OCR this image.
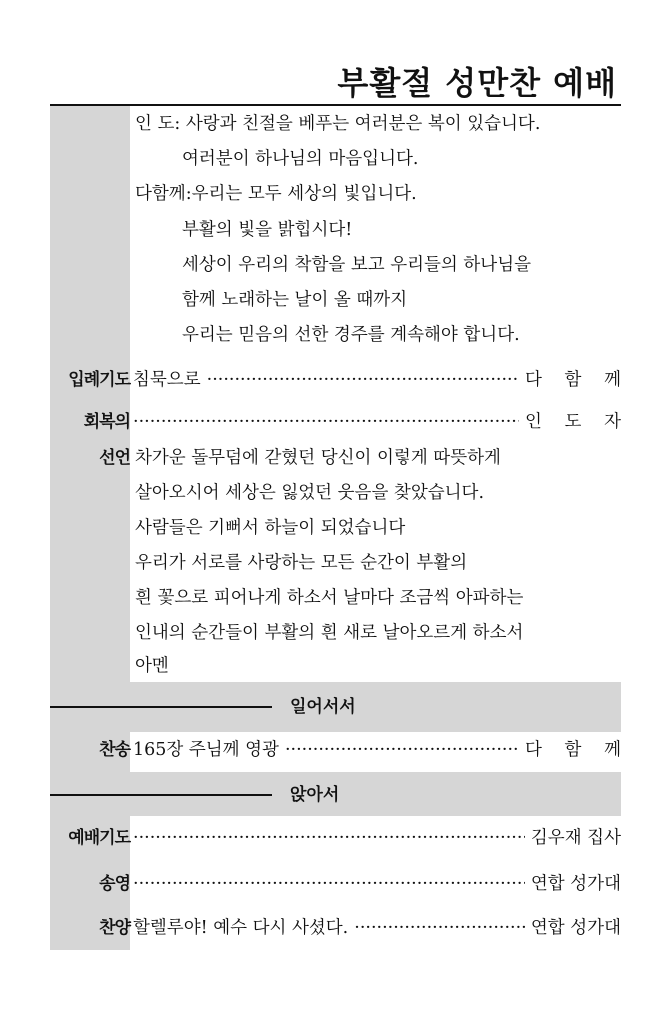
부활절 성만찬 예배
인 도: 사랑과 친절을 베푸는 여러분은 복이 있습니다.
여러분이 하나님의 마음입니다.
다함께:우리는 모두 세상의 빛입니다.
부활의 빛을 밝힙시다!
세상이 우리의 착함을 보고 우리들의 하나님을
함께 노래하는 날이 올 때까지
우리는 믿음의 선한 경주를 계속해야 합니다.
입례기도 침묵으로 ·····	다 함 께
회복의 ·····	인 도 자
선언 차가운 돌무덤에 갇혔던 당신이 이렇게 따뜻하게
살아오시어 세상은 잃었던 웃음을 찾았습니다.
사람들은 기뻐서 하늘이 되었습니다
우리가 서로를 사랑하는 모든 순간이 부활의
흰 꽃으로 피어나게 하소서 날마다 조금씩 아파하는
인내의 순간들이 부활의 흰 새로 날아오르게 하소서
아멘
일어서서
찬송 165장 주님께 영광 ·····	다 함 께
앉아서
예배기도 ·····	김우재 집사
송영 ·····	연합 성가대
찬양 할렐루야! 예수 다시 사셨다. ·····	연합 성가대
